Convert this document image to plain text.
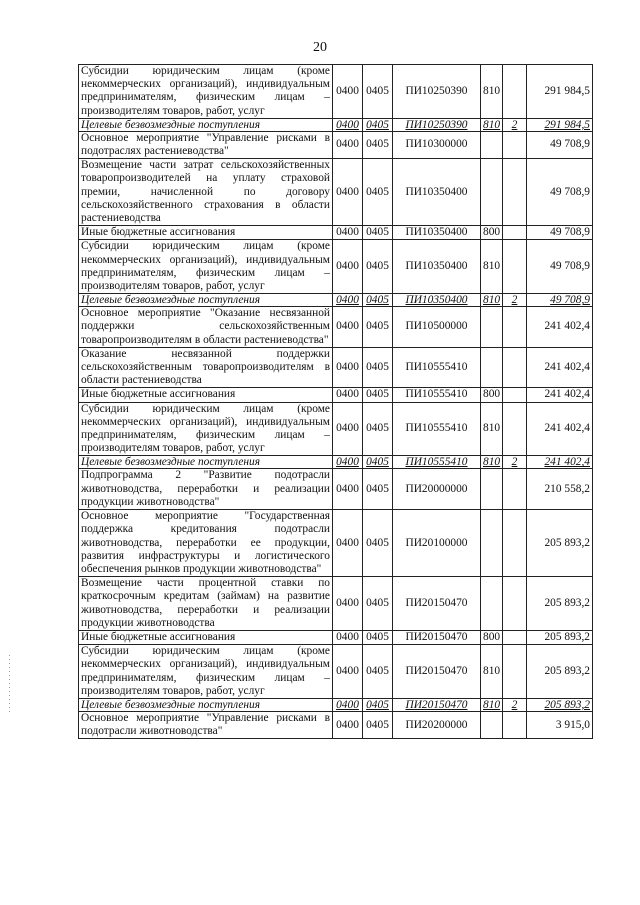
20
Субсидии юридическим лицам (кроме некоммерческих организаций), индивидуальным предпринимателям, физическим лицам – производителям товаров, работ, услуг	0400	0405	ПИ10250390	810		291 984,5
Целевые безвозмездные поступления	0400	0405	ПИ10250390	810	2	291 984,5
Основное мероприятие "Управление рисками в подотраслях растениеводства"	0400	0405	ПИ10300000			49 708,9
Возмещение части затрат сельскохозяйственных товаропроизводителей на уплату страховой премии, начисленной по договору сельскохозяйственного страхования в области растениеводства	0400	0405	ПИ10350400			49 708,9
Иные бюджетные ассигнования	0400	0405	ПИ10350400	800		49 708,9
Субсидии юридическим лицам (кроме некоммерческих организаций), индивидуальным предпринимателям, физическим лицам – производителям товаров, работ, услуг	0400	0405	ПИ10350400	810		49 708,9
Целевые безвозмездные поступления	0400	0405	ПИ10350400	810	2	49 708,9
Основное мероприятие "Оказание несвязанной поддержки сельскохозяйственным товаропроизводителям в области растениеводства"	0400	0405	ПИ10500000			241 402,4
Оказание несвязанной поддержки сельскохозяйственным товаропроизводителям в области растениеводства	0400	0405	ПИ10555410			241 402,4
Иные бюджетные ассигнования	0400	0405	ПИ10555410	800		241 402,4
Субсидии юридическим лицам (кроме некоммерческих организаций), индивидуальным предпринимателям, физическим лицам – производителям товаров, работ, услуг	0400	0405	ПИ10555410	810		241 402,4
Целевые безвозмездные поступления	0400	0405	ПИ10555410	810	2	241 402,4
Подпрограмма 2 "Развитие подотрасли животноводства, переработки и реализации продукции животноводства"	0400	0405	ПИ20000000			210 558,2
Основное мероприятие "Государственная поддержка кредитования подотрасли животноводства, переработки ее продукции, развития инфраструктуры и логистического обеспечения рынков продукции животноводства"	0400	0405	ПИ20100000			205 893,2
Возмещение части процентной ставки по краткосрочным кредитам (займам) на развитие животноводства, переработки и реализации продукции животноводства	0400	0405	ПИ20150470			205 893,2
Иные бюджетные ассигнования	0400	0405	ПИ20150470	800		205 893,2
Субсидии юридическим лицам (кроме некоммерческих организаций), индивидуальным предпринимателям, физическим лицам – производителям товаров, работ, услуг	0400	0405	ПИ20150470	810		205 893,2
Целевые безвозмездные поступления	0400	0405	ПИ20150470	810	2	205 893,2
Основное мероприятие "Управление рисками в подотрасли животноводства"	0400	0405	ПИ20200000			3 915,0
